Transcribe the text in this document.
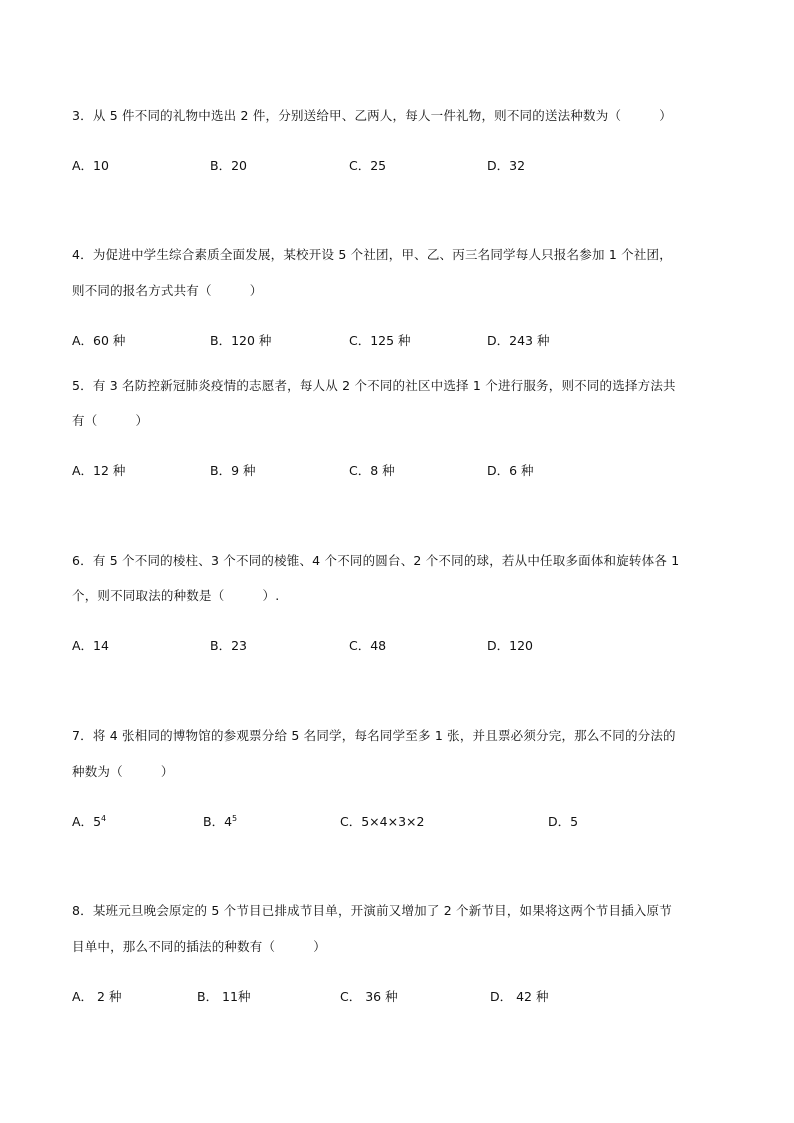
3．从 5 件不同的礼物中选出 2 件，分别送给甲、乙两人，每人一件礼物，则不同的送法种数为（　　　）
A．10	B．20	C．25	D．32
4．为促进中学生综合素质全面发展，某校开设 5 个社团，甲、乙、丙三名同学每人只报名参加 1 个社团，
则不同的报名方式共有（　　　）
A．60 种	B．120 种	C．125 种	D．243 种
5．有 3 名防控新冠肺炎疫情的志愿者，每人从 2 个不同的社区中选择 1 个进行服务，则不同的选择方法共
有（　　　）
A．12 种	B．9 种	C．8 种	D．6 种
6．有 5 个不同的棱柱、3 个不同的棱锥、4 个不同的圆台、2 个不同的球，若从中任取多面体和旋转体各 1
个，则不同取法的种数是（　　　）.
A．14	B．23	C．48	D．120
7．将 4 张相同的博物馆的参观票分给 5 名同学，每名同学至多 1 张，并且票必须分完，那么不同的分法的
种数为（　　　）
A．$5^4$	B．$4^5$	C．5×4×3×2	D．5
8．某班元旦晚会原定的 5 个节目已排成节目单，开演前又增加了 2 个新节目，如果将这两个节目插入原节
目单中，那么不同的插法的种数有（　　　）
A． 2 种	B． 11种	C． 36 种	D． 42 种
